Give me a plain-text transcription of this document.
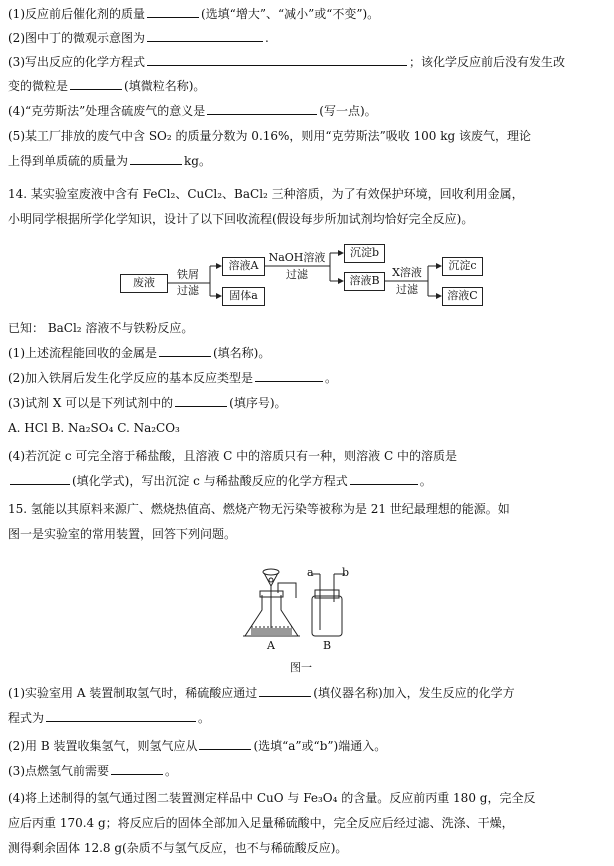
(1)反应前后催化剂的质量	(选填“增大”、“减小”或“不变”)。
(2)图中丁的微观示意图为	.
(3)写出反应的化学方程式	；该化学反应前后没有发生改
变的微粒是	(填微粒名称)。
(4)“克劳斯法”处理含硫废气的意义是	(写一点)。
(5)某工厂排放的废气中含 SO₂ 的质量分数为 0.16%，则用“克劳斯法”吸收 100 kg 该废气，理论
上得到单质硫的质量为	kg。
14. 某实验室废液中含有 FeCl₂、CuCl₂、BaCl₂ 三种溶质，为了有效保护环境，回收利用金属，
小明同学根据所学化学知识，设计了以下回收流程(假设每步所加试剂均恰好完全反应)。
废液
铁屑
过滤
溶液A
固体a
NaOH溶液
过滤
沉淀b
溶液B
X溶液
过滤
沉淀c
溶液C
已知： BaCl₂ 溶液不与铁粉反应。
(1)上述流程能回收的金属是	(填名称)。
(2)加入铁屑后发生化学反应的基本反应类型是	。
(3)试剂 X 可以是下列试剂中的	(填序号)。
A. HCl B. Na₂SO₄ C. Na₂CO₃
(4)若沉淀 c 可完全溶于稀盐酸，且溶液 C 中的溶质只有一种，则溶液 C 中的溶质是
(填化学式)，写出沉淀 c 与稀盐酸反应的化学方程式	。
15. 氢能以其原料来源广、燃烧热值高、燃烧产物无污染等被称为是 21 世纪最理想的能源。如
图一是实验室的常用装置，回答下列问题。
a	b
A	B
图一
(1)实验室用 A 装置制取氢气时，稀硫酸应通过	(填仪器名称)加入，发生反应的化学方
程式为	。
(2)用 B 装置收集氢气，则氢气应从	(选填“a”或“b”)端通入。
(3)点燃氢气前需要	。
(4)将上述制得的氢气通过图二装置测定样品中 CuO 与 Fe₃O₄ 的含量。反应前丙重 180 g，完全反
应后丙重 170.4 g；将反应后的固体全部加入足量稀硫酸中，完全反应后经过滤、洗涤、干燥，
测得剩余固体 12.8 g(杂质不与氢气反应，也不与稀硫酸反应)。
